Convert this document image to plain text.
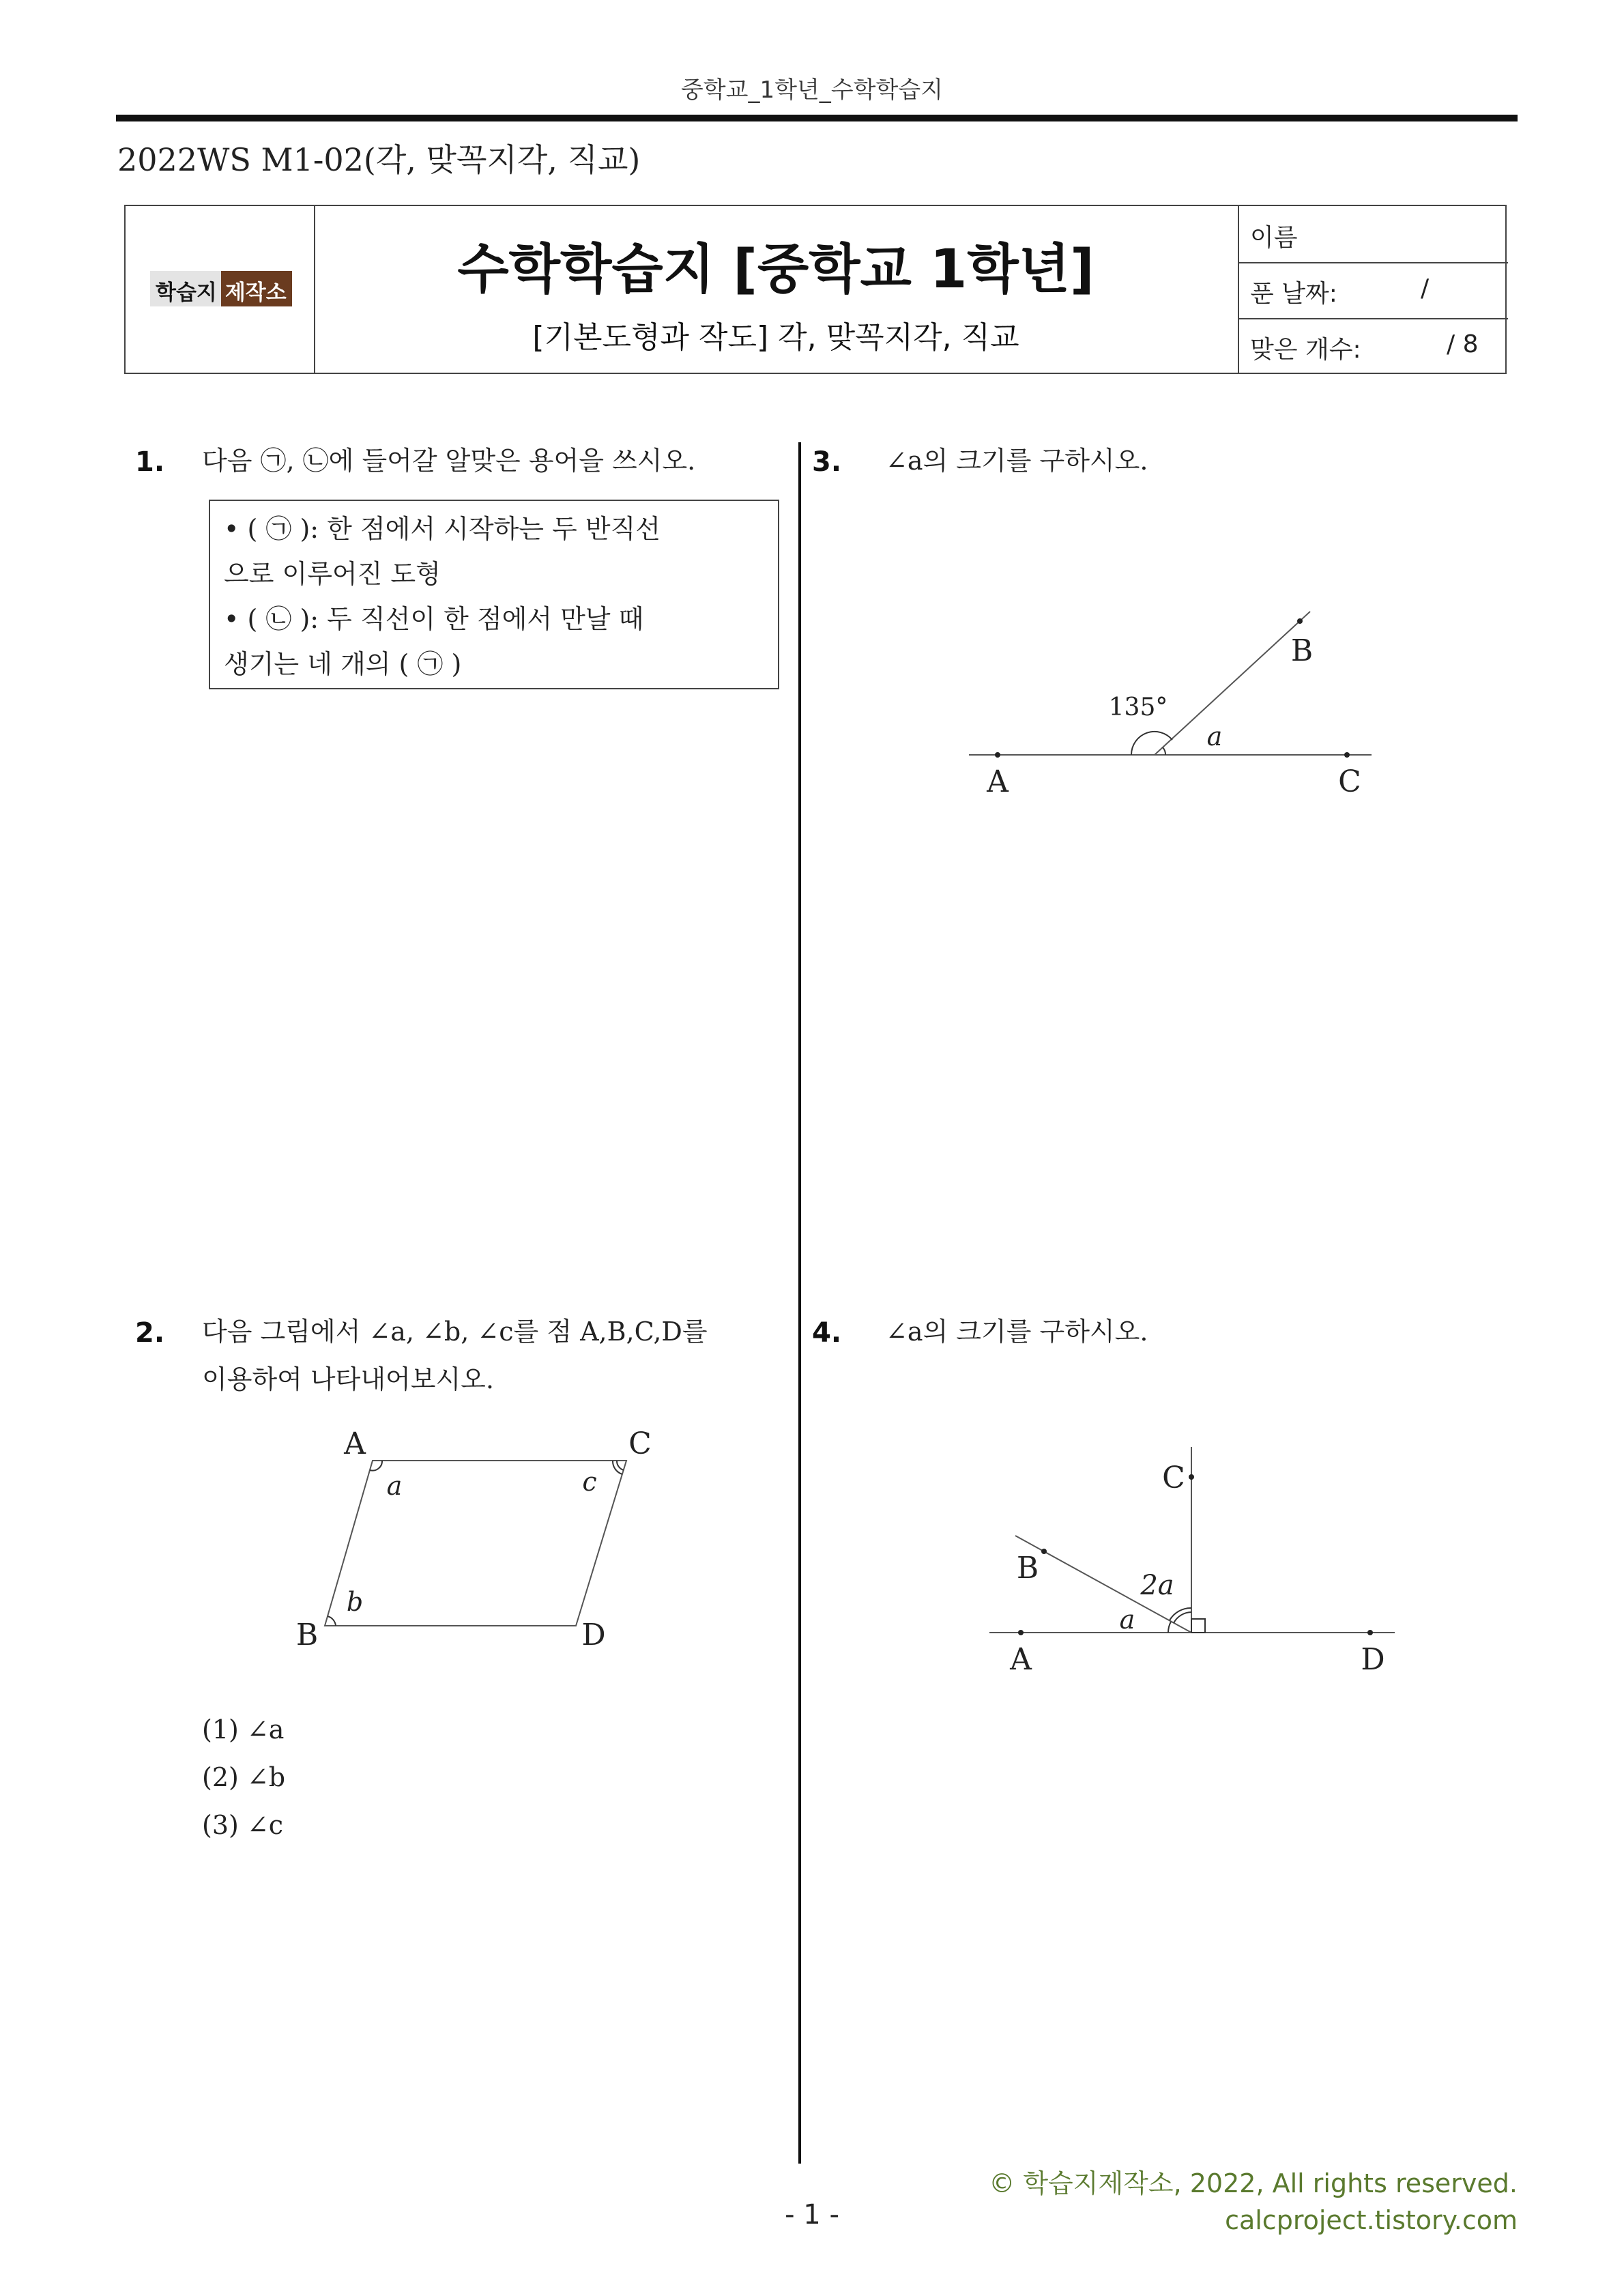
중학교_1학년_수학학습지
2022WS M1-02(각, 맞꼭지각, 직교)
학습지 제작소	수학학습지 [중학교 1학년]
[기본도형과 작도] 각, 맞꼭지각, 직교
이름
푼 날짜:	/
맞은 개수:	/ 8
1. 다음 ㉠, ㉡에 들어갈 알맞은 용어을 쓰시오.
• ( ㉠ ): 한 점에서 시작하는 두 반직선
으로 이루어진 도형
• ( ㉡ ): 두 직선이 한 점에서 만날 때
생기는 네 개의 ( ㉠ )
3. ∠a의 크기를 구하시오.
A	C
B
135°
a
2. 다음 그림에서 ∠a, ∠b, ∠c를 점 A,B,C,D를
이용하여 나타내어보시오.
A	C
B	D
a	c
b
(1) ∠a
(2) ∠b
(3) ∠c
4. ∠a의 크기를 구하시오.
A	D
C
B
a
2a
© 학습지제작소, 2022, All rights reserved.
calcproject.tistory.com
- 1 -
